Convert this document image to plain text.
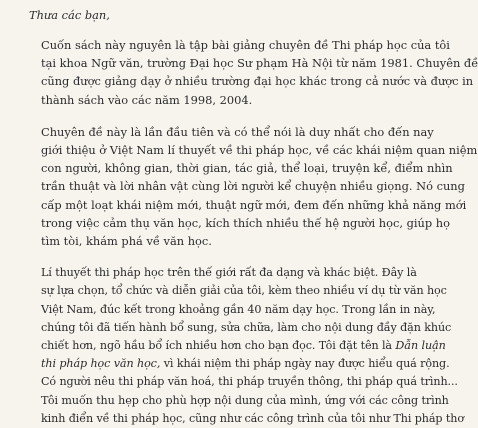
Thưa các bạn,

Cuốn sách này nguyên là tập bài giảng chuyên đề Thi pháp học của tôi
tại khoa Ngữ văn, trường Đại học Sư phạm Hà Nội từ năm 1981. Chuyên đề
cũng được giảng dạy ở nhiều trường đại học khác trong cả nước và được in
thành sách vào các năm 1998, 2004.

Chuyên đề này là lần đầu tiên và có thể nói là duy nhất cho đến nay
giới thiệu ở Việt Nam lí thuyết về thi pháp học, về các khái niệm quan niệm
con người, không gian, thời gian, tác giả, thể loại, truyện kể, điểm nhìn
trần thuật và lời nhân vật cùng lời người kể chuyện nhiều giọng. Nó cung
cấp một loạt khái niệm mới, thuật ngữ mới, đem đến những khả năng mới
trong việc cảm thụ văn học, kích thích nhiều thế hệ người học, giúp họ
tìm tòi, khám phá về văn học.

Lí thuyết thi pháp học trên thế giới rất đa dạng và khác biệt. Đây là
sự lựa chọn, tổ chức và diễn giải của tôi, kèm theo nhiều ví dụ từ văn học
Việt Nam, đúc kết trong khoảng gần 40 năm dạy học. Trong lần in này,
chúng tôi đã tiến hành bổ sung, sửa chữa, làm cho nội dung đầy đặn khúc
chiết hơn, ngõ hầu bổ ích nhiều hơn cho bạn đọc. Tôi đặt tên là Dẫn luận
thi pháp học văn học, vì khái niệm thi pháp ngày nay được hiểu quá rộng.
Có người nêu thi pháp văn hoá, thi pháp truyền thông, thi pháp quá trình...
Tôi muốn thu hẹp cho phù hợp nội dung của mình, ứng với các công trình
kinh điển về thi pháp học, cũng như các công trình của tôi như Thi pháp thơ
